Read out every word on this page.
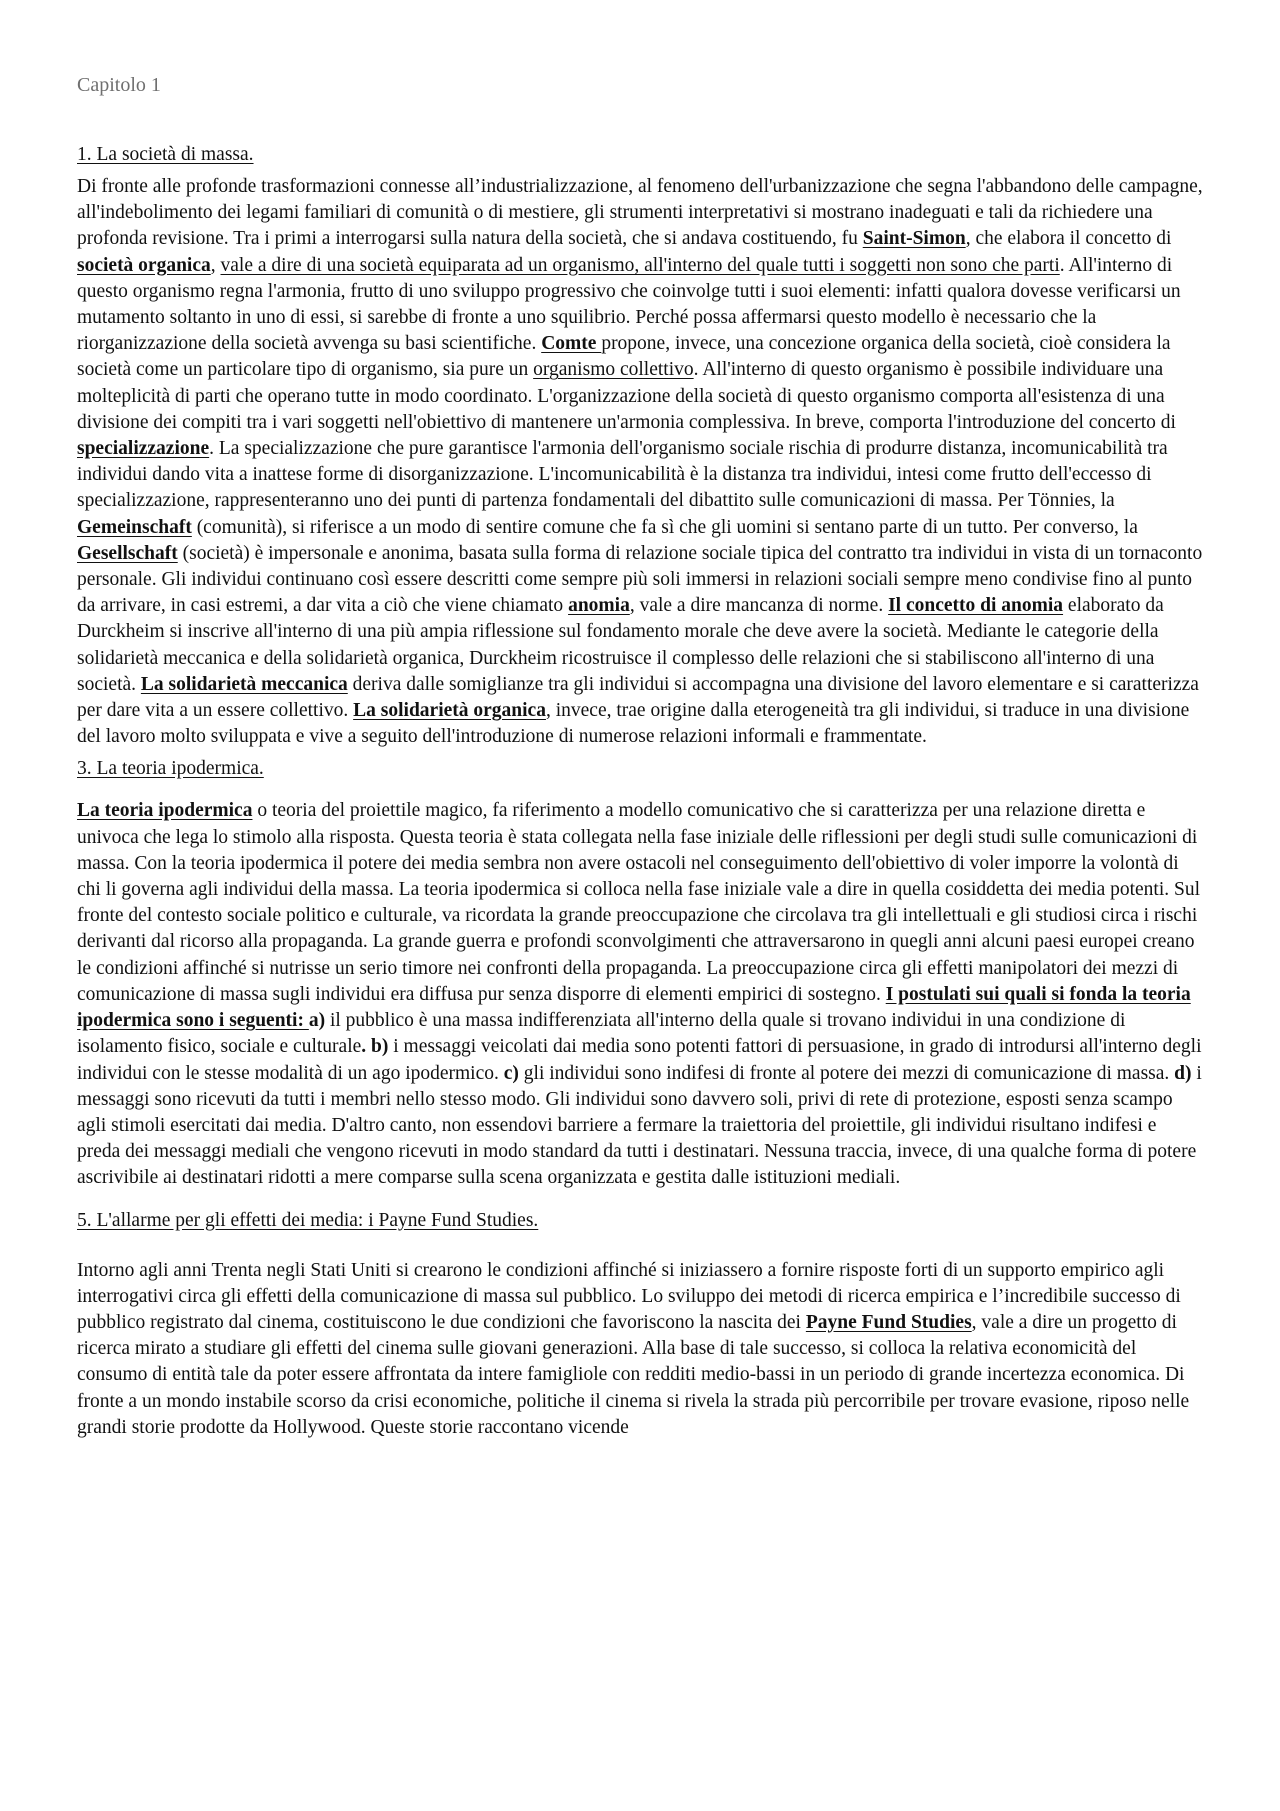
Capitolo 1
1. La società di massa.

Di fronte alle profonde trasformazioni connesse all’industrializzazione, al fenomeno dell'urbanizzazione che segna l'abbandono delle campagne, all'indebolimento dei legami familiari di comunità o di mestiere, gli strumenti interpretativi si mostrano inadeguati e tali da richiedere una profonda revisione. Tra i primi a interrogarsi sulla natura della società, che si andava costituendo, fu Saint-Simon, che elabora il concetto di società organica, vale a dire di una società equiparata ad un organismo, all'interno del quale tutti i soggetti non sono che parti. All'interno di questo organismo regna l'armonia, frutto di uno sviluppo progressivo che coinvolge tutti i suoi elementi: infatti qualora dovesse verificarsi un mutamento soltanto in uno di essi, si sarebbe di fronte a uno squilibrio. Perché possa affermarsi questo modello è necessario che la riorganizzazione della società avvenga su basi scientifiche. Comte propone, invece, una concezione organica della società, cioè considera la società come un particolare tipo di organismo, sia pure un organismo collettivo. All'interno di questo organismo è possibile individuare una molteplicità di parti che operano tutte in modo coordinato. L'organizzazione della società di questo organismo comporta all'esistenza di una divisione dei compiti tra i vari soggetti nell'obiettivo di mantenere un'armonia complessiva. In breve, comporta l'introduzione del concerto di specializzazione. La specializzazione che pure garantisce l'armonia dell'organismo sociale rischia di produrre distanza, incomunicabilità tra individui dando vita a inattese forme di disorganizzazione. L'incomunicabilità è la distanza tra individui, intesi come frutto dell'eccesso di specializzazione, rappresenteranno uno dei punti di partenza fondamentali del dibattito sulle comunicazioni di massa. Per Tönnies, la Gemeinschaft (comunità), si riferisce a un modo di sentire comune che fa sì che gli uomini si sentano parte di un tutto. Per converso, la Gesellschaft (società) è impersonale e anonima, basata sulla forma di relazione sociale tipica del contratto tra individui in vista di un tornaconto personale. Gli individui continuano così essere descritti come sempre più soli immersi in relazioni sociali sempre meno condivise fino al punto da arrivare, in casi estremi, a dar vita a ciò che viene chiamato anomia, vale a dire mancanza di norme. Il concetto di anomia elaborato da Durckheim si inscrive all'interno di una più ampia riflessione sul fondamento morale che deve avere la società. Mediante le categorie della solidarietà meccanica e della solidarietà organica, Durckheim ricostruisce il complesso delle relazioni che si stabiliscono all'interno di una società. La solidarietà meccanica deriva dalle somiglianze tra gli individui si accompagna una divisione del lavoro elementare e si caratterizza per dare vita a un essere collettivo. La solidarietà organica, invece, trae origine dalla eterogeneità tra gli individui, si traduce in una divisione del lavoro molto sviluppata e vive a seguito dell'introduzione di numerose relazioni informali e frammentate.

3. La teoria ipodermica.

La teoria ipodermica o teoria del proiettile magico, fa riferimento a modello comunicativo che si caratterizza per una relazione diretta e univoca che lega lo stimolo alla risposta. Questa teoria è stata collegata nella fase iniziale delle riflessioni per degli studi sulle comunicazioni di massa. Con la teoria ipodermica il potere dei media sembra non avere ostacoli nel conseguimento dell'obiettivo di voler imporre la volontà di chi li governa agli individui della massa. La teoria ipodermica si colloca nella fase iniziale vale a dire in quella cosiddetta dei media potenti. Sul fronte del contesto sociale politico e culturale, va ricordata la grande preoccupazione che circolava tra gli intellettuali e gli studiosi circa i rischi derivanti dal ricorso alla propaganda. La grande guerra e profondi sconvolgimenti che attraversarono in quegli anni alcuni paesi europei creano le condizioni affinché si nutrisse un serio timore nei confronti della propaganda. La preoccupazione circa gli effetti manipolatori dei mezzi di comunicazione di massa sugli individui era diffusa pur senza disporre di elementi empirici di sostegno. I postulati sui quali si fonda la teoria ipodermica sono i seguenti: a) il pubblico è una massa indifferenziata all'interno della quale si trovano individui in una condizione di isolamento fisico, sociale e culturale. b) i messaggi veicolati dai media sono potenti fattori di persuasione, in grado di introdursi all'interno degli individui con le stesse modalità di un ago ipodermico. c) gli individui sono indifesi di fronte al potere dei mezzi di comunicazione di massa. d) i messaggi sono ricevuti da tutti i membri nello stesso modo. Gli individui sono davvero soli, privi di rete di protezione, esposti senza scampo agli stimoli esercitati dai media. D'altro canto, non essendovi barriere a fermare la traiettoria del proiettile, gli individui risultano indifesi e preda dei messaggi mediali che vengono ricevuti in modo standard da tutti i destinatari. Nessuna traccia, invece, di una qualche forma di potere ascrivibile ai destinatari ridotti a mere comparse sulla scena organizzata e gestita dalle istituzioni mediali.

5. L'allarme per gli effetti dei media: i Payne Fund Studies.

Intorno agli anni Trenta negli Stati Uniti si crearono le condizioni affinché si iniziassero a fornire risposte forti di un supporto empirico agli interrogativi circa gli effetti della comunicazione di massa sul pubblico. Lo sviluppo dei metodi di ricerca empirica e l’incredibile successo di pubblico registrato dal cinema, costituiscono le due condizioni che favoriscono la nascita dei Payne Fund Studies, vale a dire un progetto di ricerca mirato a studiare gli effetti del cinema sulle giovani generazioni. Alla base di tale successo, si colloca la relativa economicità del consumo di entità tale da poter essere affrontata da intere famigliole con redditi medio-bassi in un periodo di grande incertezza economica. Di fronte a un mondo instabile scorso da crisi economiche, politiche il cinema si rivela la strada più percorribile per trovare evasione, riposo nelle grandi storie prodotte da Hollywood. Queste storie raccontano vicende
